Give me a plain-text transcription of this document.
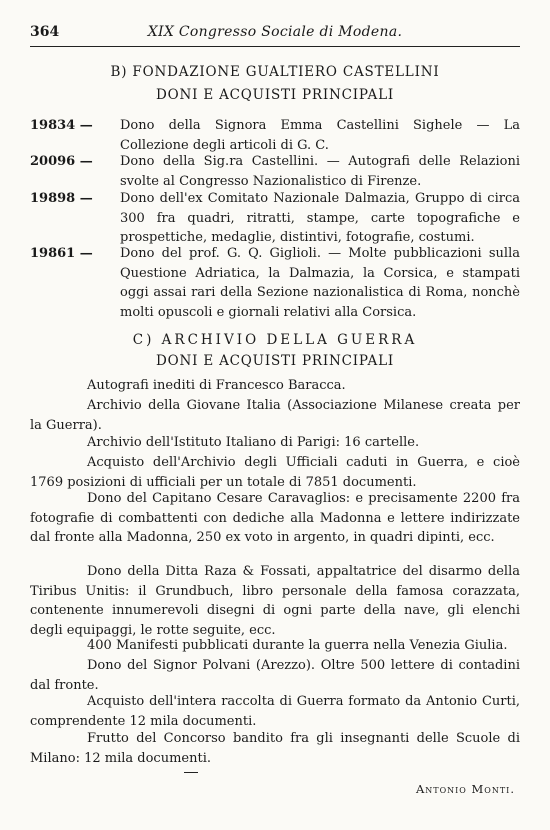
364	XIX Congresso Sociale di Modena.
B) FONDAZIONE GUALTIERO CASTELLINI
DONI E ACQUISTI PRINCIPALI
19834 —	Dono della Signora Emma Castellini Sighele — La Collezione degli articoli di G. C.
20096 —	Dono della Sig.ra Castellini. — Autografi delle Relazioni svolte al Congresso Nazionalistico di Firenze.
19898 —	Dono dell'ex Comitato Nazionale Dalmazia, Gruppo di circa 300 fra quadri, ritratti, stampe, carte topografiche e prospettiche, medaglie, distintivi, fotografie, costumi.
19861 —	Dono del prof. G. Q. Giglioli. — Molte pubblicazioni sulla Questione Adriatica, la Dalmazia, la Corsica, e stampati oggi assai rari della Sezione nazionalistica di Roma, nonchè molti opuscoli e giornali relativi alla Corsica.
C) ARCHIVIO DELLA GUERRA
DONI E ACQUISTI PRINCIPALI
Autografi inediti di Francesco Baracca.
Archivio della Giovane Italia (Associazione Milanese creata per la Guerra).
Archivio dell'Istituto Italiano di Parigi: 16 cartelle.
Acquisto dell'Archivio degli Ufficiali caduti in Guerra, e cioè 1769 posizioni di ufficiali per un totale di 7851 documenti.
Dono del Capitano Cesare Caravaglios: e precisamente 2200 fra fotografie di combattenti con dediche alla Madonna e lettere indirizzate dal fronte alla Madonna, 250 ex voto in argento, in quadri dipinti, ecc.
Dono della Ditta Raza & Fossati, appaltatrice del disarmo della Tiribus Unitis: il Grundbuch, libro personale della famosa corazzata, contenente innumerevoli disegni di ogni parte della nave, gli elenchi degli equipaggi, le rotte seguite, ecc.
400 Manifesti pubblicati durante la guerra nella Venezia Giulia.
Dono del Signor Polvani (Arezzo). Oltre 500 lettere di contadini dal fronte.
Acquisto dell'intera raccolta di Guerra formato da Antonio Curti, comprendente 12 mila documenti.
Frutto del Concorso bandito fra gli insegnanti delle Scuole di Milano: 12 mila documenti.
Antonio Monti.
